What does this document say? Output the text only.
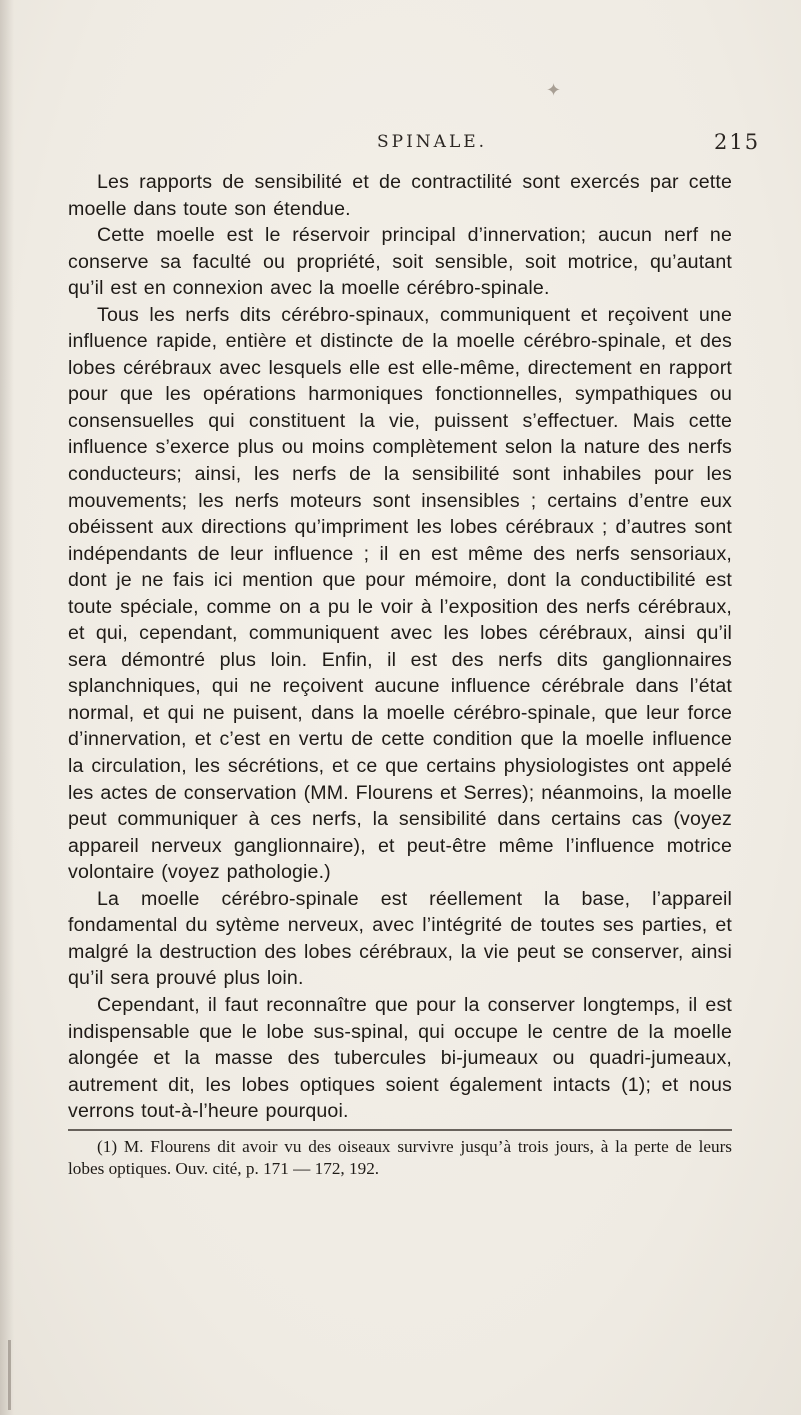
✦
SPINALE.	215

Les rapports de sensibilité et de contractilité sont exercés par cette moelle dans toute son étendue.

Cette moelle est le réservoir principal d’innervation; aucun nerf ne conserve sa faculté ou propriété, soit sensible, soit motrice, qu’autant qu’il est en connexion avec la moelle cérébro-spinale.

Tous les nerfs dits cérébro-spinaux, communiquent et reçoivent une influence rapide, entière et distincte de la moelle cérébro-spinale, et des lobes cérébraux avec lesquels elle est elle-même, directement en rapport pour que les opérations harmoniques fonctionnelles, sympathiques ou consensuelles qui constituent la vie, puissent s’effectuer. Mais cette influence s’exerce plus ou moins complètement selon la nature des nerfs conducteurs; ainsi, les nerfs de la sensibilité sont inhabiles pour les mouvements; les nerfs moteurs sont insensibles ; certains d’entre eux obéissent aux directions qu’impriment les lobes cérébraux ; d’autres sont indépendants de leur influence ; il en est même des nerfs sensoriaux, dont je ne fais ici mention que pour mémoire, dont la conductibilité est toute spéciale, comme on a pu le voir à l’exposition des nerfs cérébraux, et qui, cependant, communiquent avec les lobes cérébraux, ainsi qu’il sera démontré plus loin. Enfin, il est des nerfs dits ganglionnaires splanchniques, qui ne reçoivent aucune influence cérébrale dans l’état normal, et qui ne puisent, dans la moelle cérébro-spinale, que leur force d’innervation, et c’est en vertu de cette condition que la moelle influence la circulation, les sécrétions, et ce que certains physiologistes ont appelé les actes de conservation (MM. Flourens et Serres); néanmoins, la moelle peut communiquer à ces nerfs, la sensibilité dans certains cas (voyez appareil nerveux ganglionnaire), et peut-être même l’influence motrice volontaire (voyez pathologie.)

La moelle cérébro-spinale est réellement la base, l’appareil fondamental du sytème nerveux, avec l’intégrité de toutes ses parties, et malgré la destruction des lobes cérébraux, la vie peut se conserver, ainsi qu’il sera prouvé plus loin.

Cependant, il faut reconnaître que pour la conserver longtemps, il est indispensable que le lobe sus-spinal, qui occupe le centre de la moelle alongée et la masse des tubercules bi-jumeaux ou quadri-jumeaux, autrement dit, les lobes optiques soient également intacts (1); et nous verrons tout-à-l’heure pourquoi.

(1) M. Flourens dit avoir vu des oiseaux survivre jusqu’à trois jours, à la perte de leurs lobes optiques. Ouv. cité, p. 171 — 172, 192.
